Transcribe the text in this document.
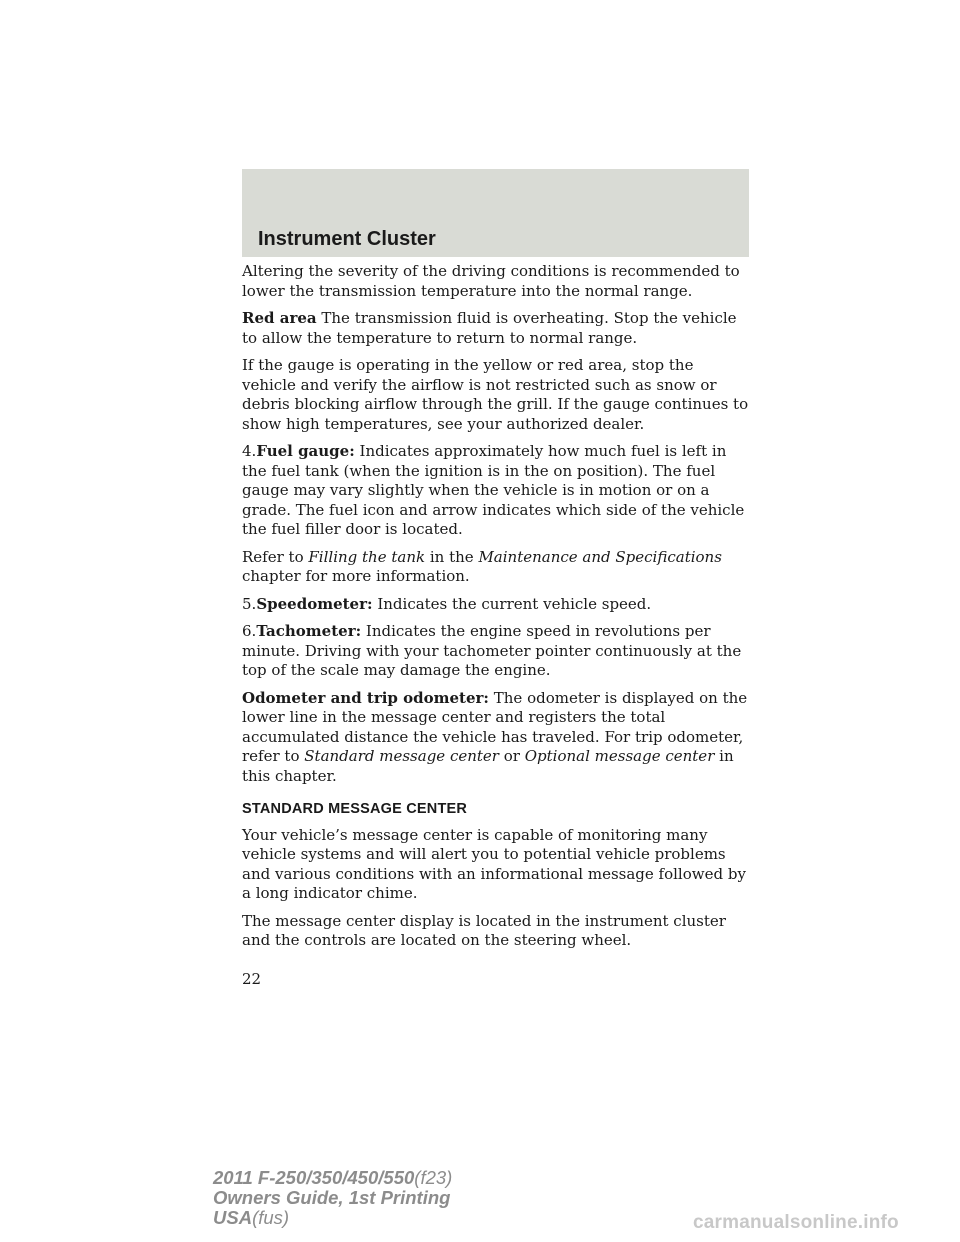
Instrument Cluster

Altering the severity of the driving conditions is recommended to lower the transmission temperature into the normal range.

Red area The transmission fluid is overheating. Stop the vehicle to allow the temperature to return to normal range.

If the gauge is operating in the yellow or red area, stop the vehicle and verify the airflow is not restricted such as snow or debris blocking airflow through the grill. If the gauge continues to show high temperatures, see your authorized dealer.

4.Fuel gauge: Indicates approximately how much fuel is left in the fuel tank (when the ignition is in the on position). The fuel gauge may vary slightly when the vehicle is in motion or on a grade. The fuel icon and arrow indicates which side of the vehicle the fuel filler door is located.

Refer to Filling the tank in the Maintenance and Specifications chapter for more information.

5.Speedometer: Indicates the current vehicle speed.

6.Tachometer: Indicates the engine speed in revolutions per minute. Driving with your tachometer pointer continuously at the top of the scale may damage the engine.

Odometer and trip odometer: The odometer is displayed on the lower line in the message center and registers the total accumulated distance the vehicle has traveled. For trip odometer, refer to Standard message center or Optional message center in this chapter.

STANDARD MESSAGE CENTER

Your vehicle’s message center is capable of monitoring many vehicle systems and will alert you to potential vehicle problems and various conditions with an informational message followed by a long indicator chime.

The message center display is located in the instrument cluster and the controls are located on the steering wheel.

22
2011 F-250/350/450/550(f23)
Owners Guide, 1st Printing
USA(fus)	carmanualsonline.info
